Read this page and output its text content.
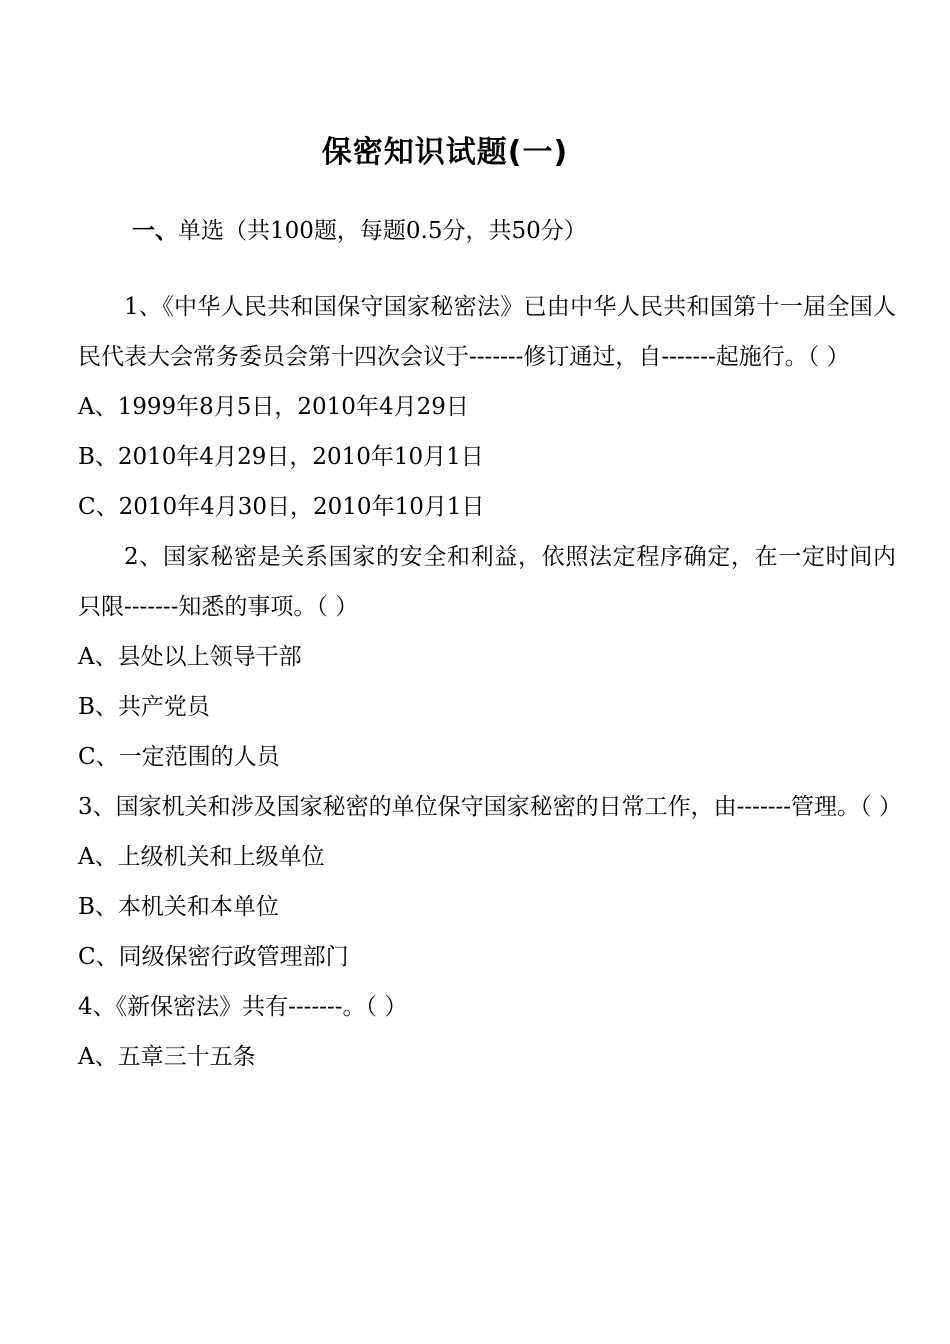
保密知识试题(一)
一、单选（共100题，每题0.5分，共50分）

1、《中华人民共和国保守国家秘密法》已由中华人民共和国第十一届全国人民代表大会常务委员会第十四次会议于-------修订通过，自-------起施行。（ ）

A、1999年8月5日，2010年4月29日

B、2010年4月29日，2010年10月1日

C、2010年4月30日，2010年10月1日

2、国家秘密是关系国家的安全和利益，依照法定程序确定，在一定时间内只限-------知悉的事项。（ ）

A、县处以上领导干部

B、共产党员

C、一定范围的人员

3、国家机关和涉及国家秘密的单位保守国家秘密的日常工作，由-------管理。（ ）

A、上级机关和上级单位

B、本机关和本单位

C、同级保密行政管理部门

4、《新保密法》共有-------。（ ）

A、五章三十五条
